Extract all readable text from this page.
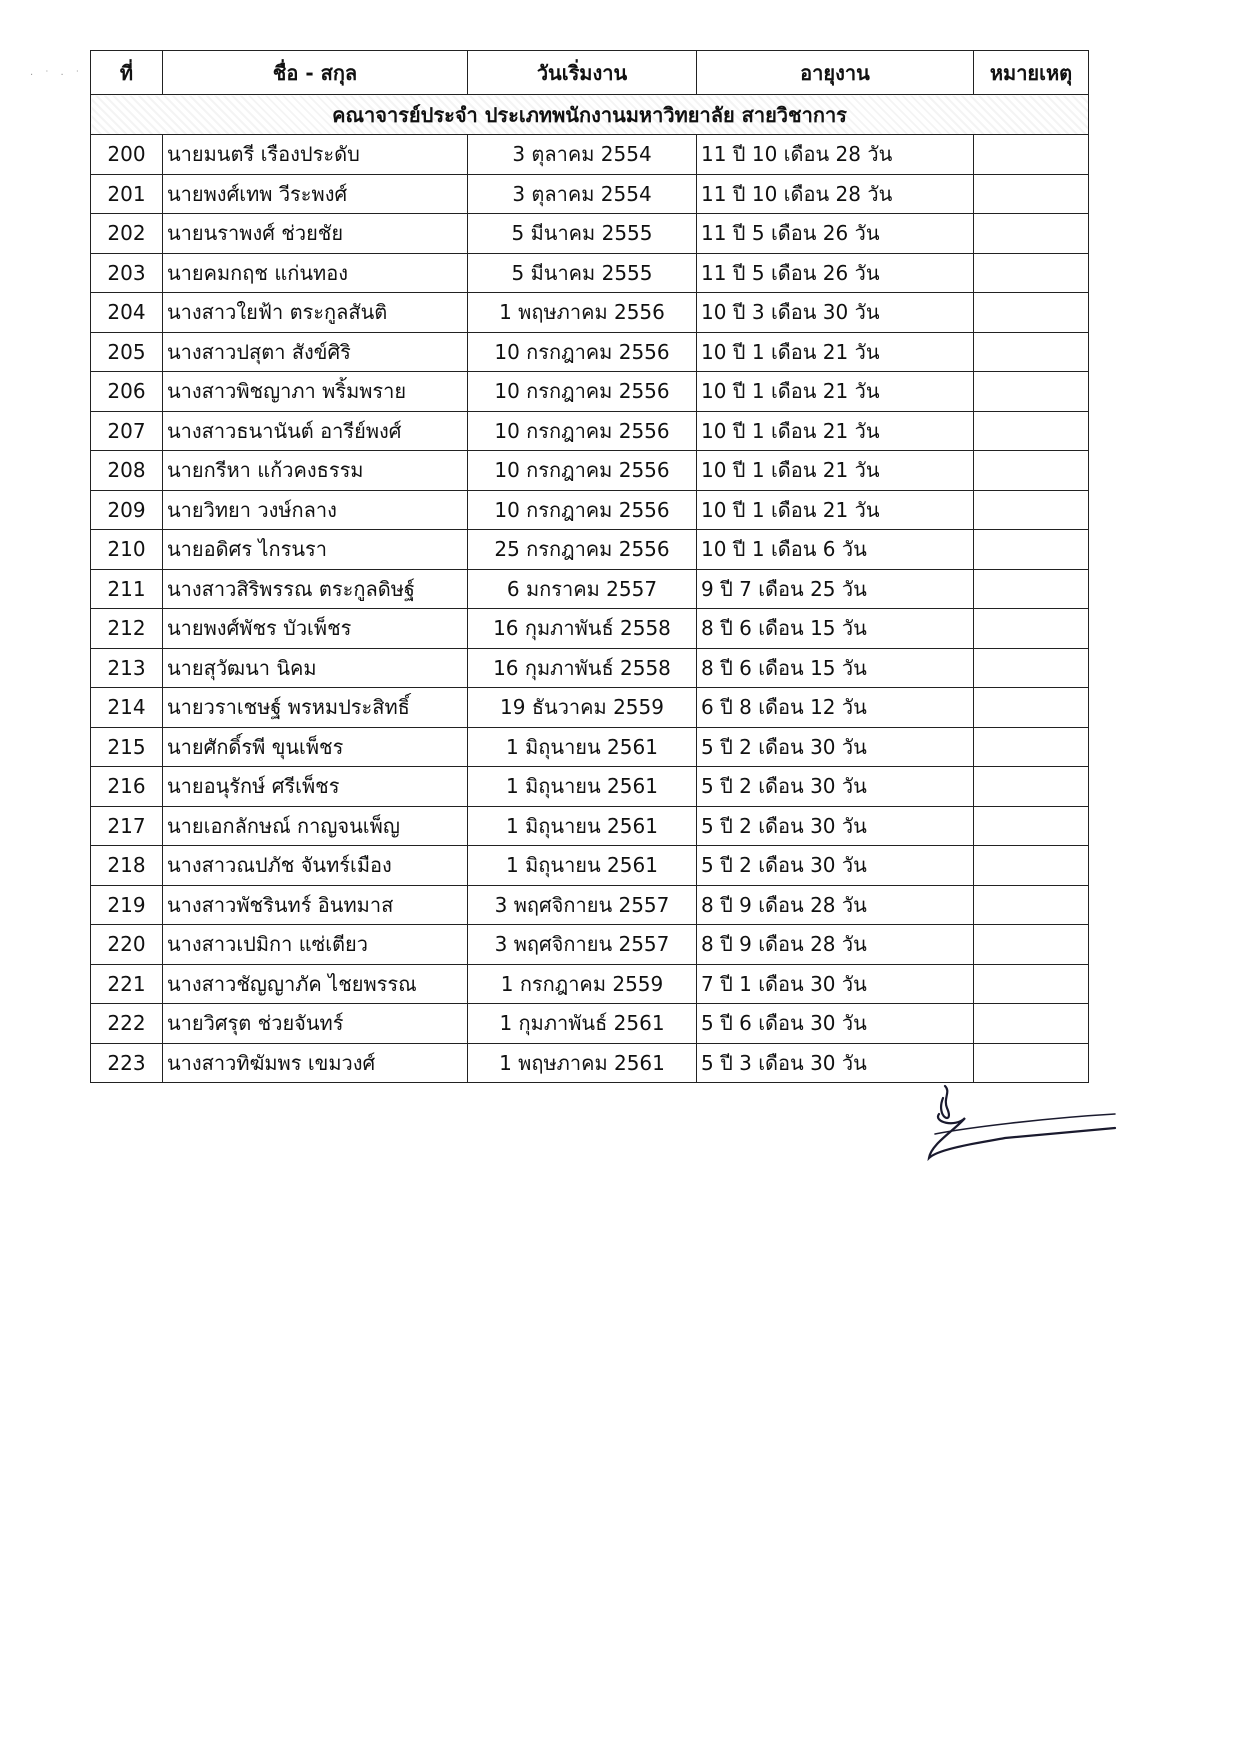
· ˙ · ˙ ที่	ชื่อ - สกุล	วันเริ่มงาน	อายุงาน	หมายเหตุ
คณาจารย์ประจำ ประเภทพนักงานมหาวิทยาลัย สายวิชาการ				
200	นายมนตรี เรืองประดับ	3 ตุลาคม 2554	11 ปี 10 เดือน 28 วัน	
201	นายพงศ์เทพ วีระพงศ์	3 ตุลาคม 2554	11 ปี 10 เดือน 28 วัน	
202	นายนราพงศ์ ช่วยชัย	5 มีนาคม 2555	11 ปี 5 เดือน 26 วัน	
203	นายคมกฤช แก่นทอง	5 มีนาคม 2555	11 ปี 5 เดือน 26 วัน	
204	นางสาวใยฟ้า ตระกูลสันติ	1 พฤษภาคม 2556	10 ปี 3 เดือน 30 วัน	
205	นางสาวปสุตา สังข์ศิริ	10 กรกฎาคม 2556	10 ปี 1 เดือน 21 วัน	
206	นางสาวพิชญาภา พริ้มพราย	10 กรกฎาคม 2556	10 ปี 1 เดือน 21 วัน	
207	นางสาวธนานันต์ อารีย์พงศ์	10 กรกฎาคม 2556	10 ปี 1 เดือน 21 วัน	
208	นายกรีหา แก้วคงธรรม	10 กรกฎาคม 2556	10 ปี 1 เดือน 21 วัน	
209	นายวิทยา วงษ์กลาง	10 กรกฎาคม 2556	10 ปี 1 เดือน 21 วัน	
210	นายอดิศร ไกรนรา	25 กรกฎาคม 2556	10 ปี 1 เดือน 6 วัน	
211	นางสาวสิริพรรณ ตระกูลดิษฐ์	6 มกราคม 2557	9 ปี 7 เดือน 25 วัน	
212	นายพงศ์พัชร บัวเพ็ชร	16 กุมภาพันธ์ 2558	8 ปี 6 เดือน 15 วัน	
213	นายสุวัฒนา นิคม	16 กุมภาพันธ์ 2558	8 ปี 6 เดือน 15 วัน	
214	นายวราเชษฐ์ พรหมประสิทธิ์	19 ธันวาคม 2559	6 ปี 8 เดือน 12 วัน	
215	นายศักดิ์รพี ขุนเพ็ชร	1 มิถุนายน 2561	5 ปี 2 เดือน 30 วัน	
216	นายอนุรักษ์ ศรีเพ็ชร	1 มิถุนายน 2561	5 ปี 2 เดือน 30 วัน	
217	นายเอกลักษณ์ กาญจนเพ็ญ	1 มิถุนายน 2561	5 ปี 2 เดือน 30 วัน	
218	นางสาวณปภัช จันทร์เมือง	1 มิถุนายน 2561	5 ปี 2 เดือน 30 วัน	
219	นางสาวพัชรินทร์ อินทมาส	3 พฤศจิกายน 2557	8 ปี 9 เดือน 28 วัน	
220	นางสาวเปมิกา แซ่เตียว	3 พฤศจิกายน 2557	8 ปี 9 เดือน 28 วัน	
221	นางสาวชัญญาภัค ไชยพรรณ	1 กรกฎาคม 2559	7 ปี 1 เดือน 30 วัน	
222	นายวิศรุต ช่วยจันทร์	1 กุมภาพันธ์ 2561	5 ปี 6 เดือน 30 วัน	
223	นางสาวทิฆัมพร เขมวงศ์	1 พฤษภาคม 2561	5 ปี 3 เดือน 30 วัน	
